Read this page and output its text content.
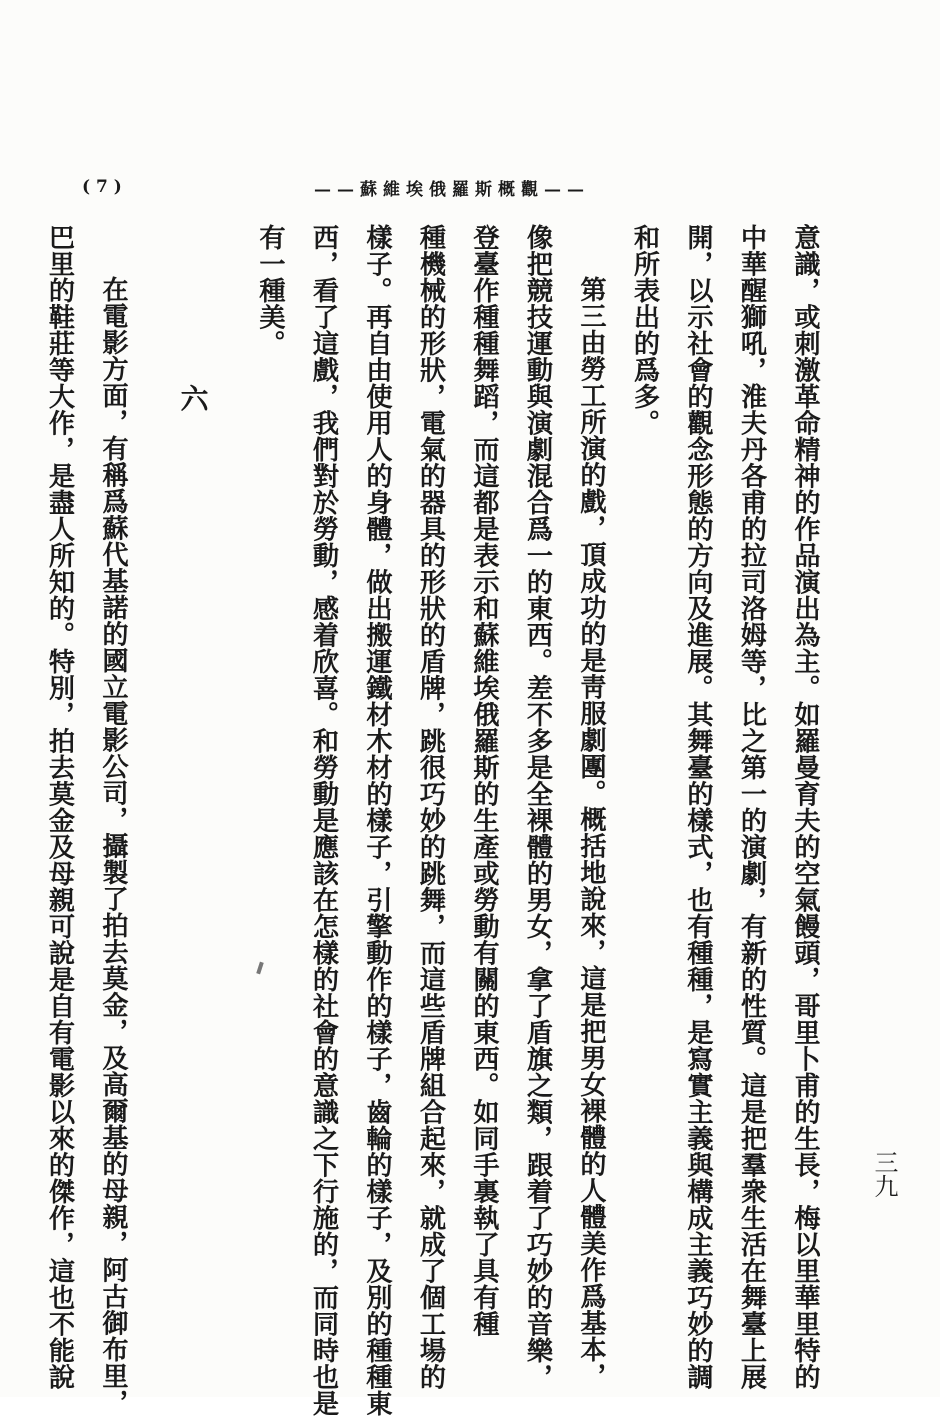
——蘇維埃俄羅斯概觀——
( 7 )
意識，或刺激革命精神的作品演出為主。如羅曼育夫的空氣饅頭，哥里卜甫的生長，梅以里華里特的
中華醒獅吼，淮夫丹各甫的拉司洛姆等，比之第一的演劇，有新的性質。這是把羣衆生活在舞臺上展
開，以示社會的觀念形態的方向及進展。其舞臺的樣式，也有種種，是寫實主義與構成主義巧妙的調
和所表出的爲多。
第三由勞工所演的戲，頂成功的是靑服劇團。概括地說來，這是把男女裸體的人體美作爲基本，
像把競技運動與演劇混合爲一的東西。差不多是全裸體的男女，拿了盾旗之類，跟着了巧妙的音樂，
登臺作種種舞蹈，而這都是表示和蘇維埃俄羅斯的生產或勞動有關的東西。如同手裏執了具有種
種機械的形狀，電氣的器具的形狀的盾牌，跳很巧妙的跳舞，而這些盾牌組合起來，就成了個工場的
樣子。再自由使用人的身體，做出搬運鐵材木材的樣子，引擎動作的樣子，齒輪的樣子，及別的種種東
西，看了這戲，我們對於勞動，感着欣喜。和勞動是應該在怎樣的社會的意識之下行施的，而同時也是
有一種美。
六
在電影方面，有稱爲蘇代基諾的國立電影公司，攝製了拍去莫金，及高爾基的母親，阿古御布里，
巴里的鞋莊等大作，是盡人所知的。特別，拍去莫金及母親可說是自有電影以來的傑作，這也不能說	三九
